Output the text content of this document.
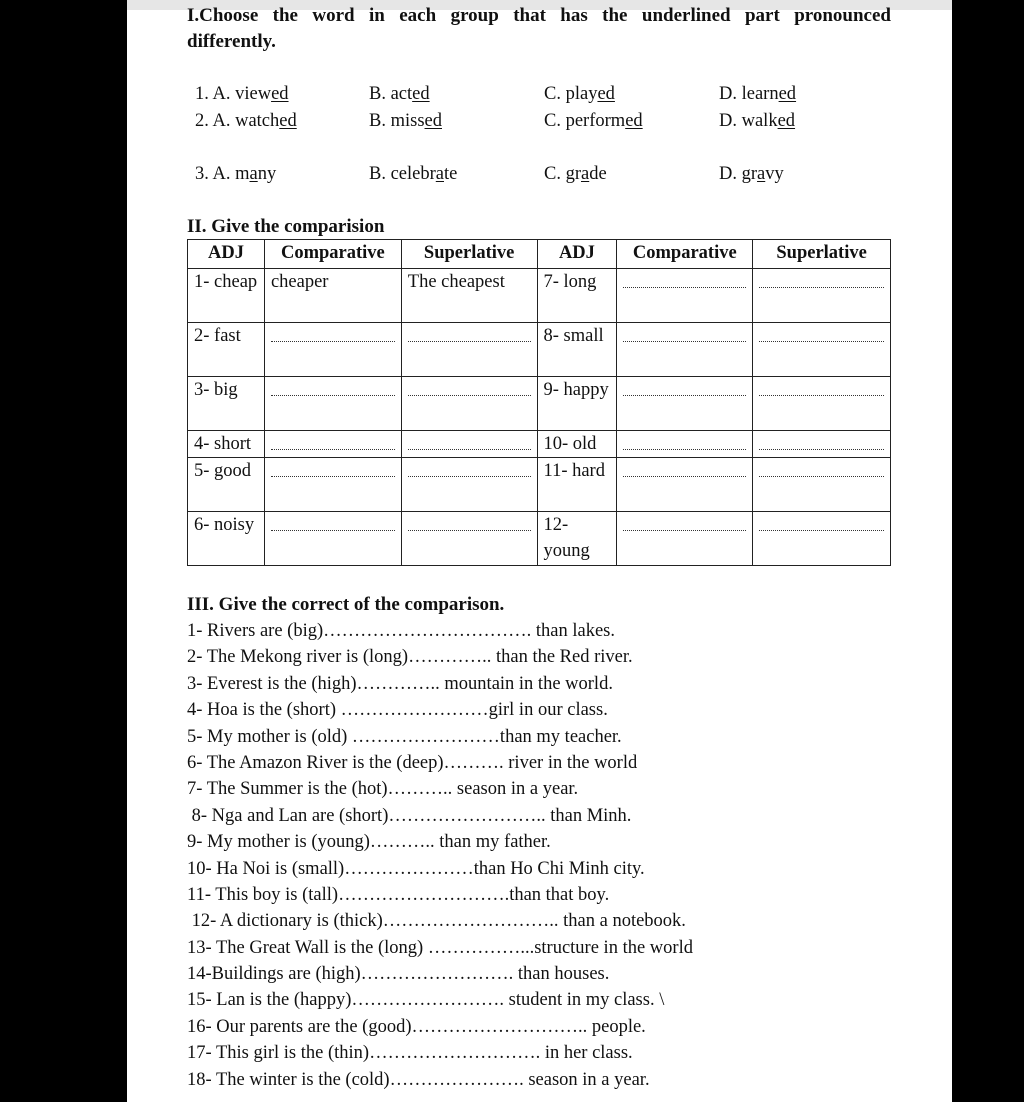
I.Choose the word in each group that has the underlined part pronounced differently.
1. A. viewed	B. acted	C. played	D. learned
2. A. watched	B. missed	C. performed	D. walked
3. A. many	B. celebrate	C. grade	D. gravy
II. Give the comparision
ADJ	Comparative	Superlative	ADJ	Comparative	Superlative
1- cheap	cheaper	The cheapest	7- long	

2- fast			8- small	

3- big			9- happy	

4- short			10- old	

5- good			11- hard	

6- noisy			12- young	

III. Give the correct of the comparison.
1- Rivers are (big)……………………………. than lakes.
2- The Mekong river is (long)………….. than the Red river.
3- Everest is the (high)………….. mountain in the world.
4- Hoa is the (short) ……………………girl in our class.
5- My mother is (old) ……………………than my teacher.
6- The Amazon River is the (deep)………. river in the world
7- The Summer is the (hot)……….. season in a year.
8- Nga and Lan are (short)…………………….. than Minh.
9- My mother is (young)……….. than my father.
10- Ha Noi is (small)…………………than Ho Chi Minh city.
11- This boy is (tall)……………………….than that boy.
12- A dictionary is (thick)……………………….. than a notebook.
13- The Great Wall is the (long) ……………...structure in the world
14-Buildings are (high)……………………. than houses.
15- Lan is the (happy)……………………. student in my class. \
16- Our parents are the (good)……………………….. people.
17- This girl is the (thin)………………………. in her class.
18- The winter is the (cold)…………………. season in a year.
